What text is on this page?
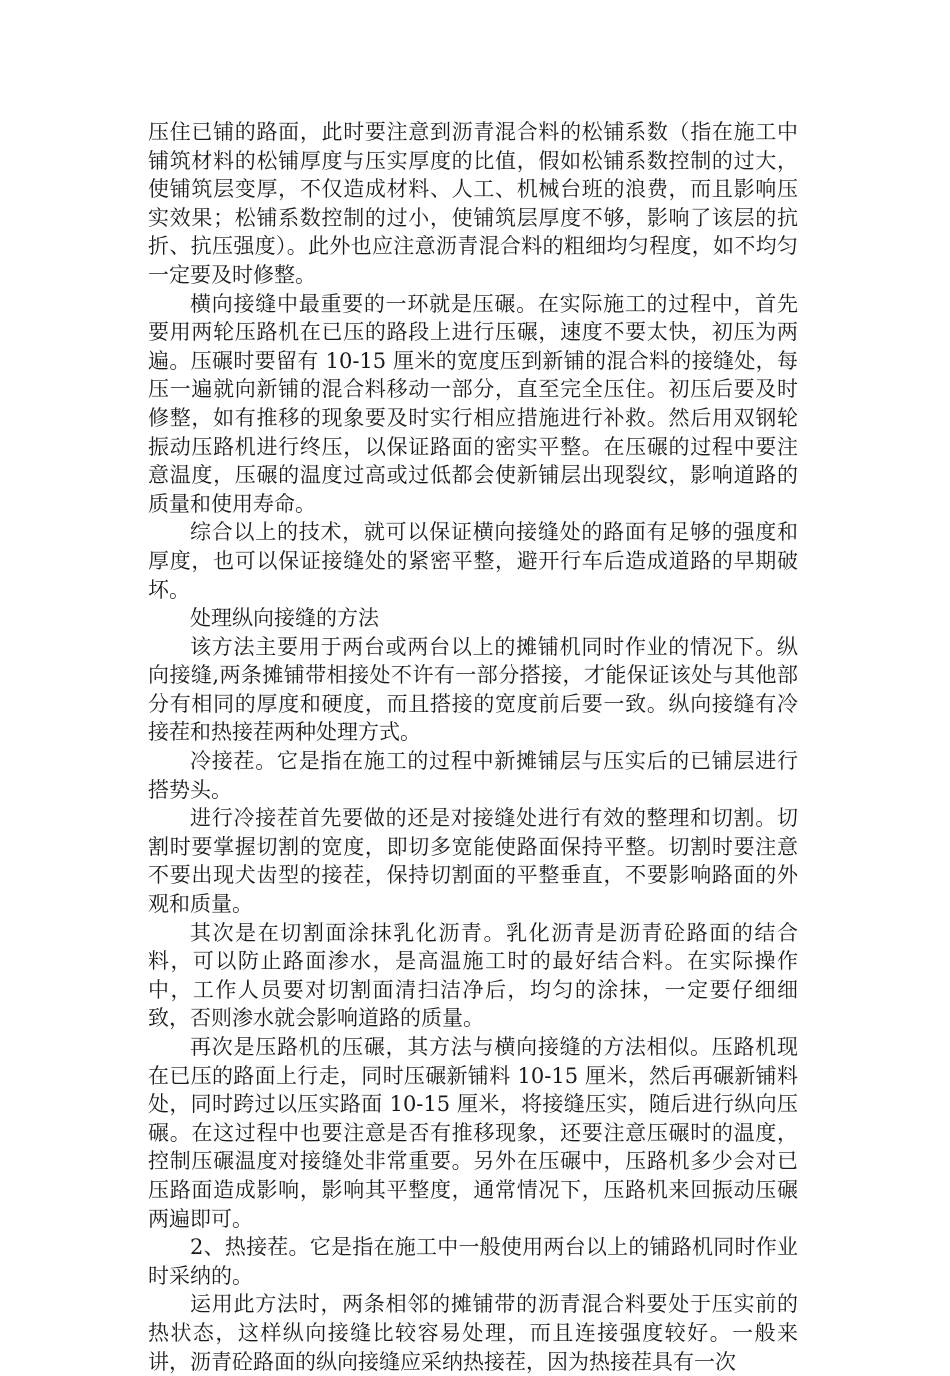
压住已铺的路面，此时要注意到沥青混合料的松铺系数（指在施工中铺筑材料的松铺厚度与压实厚度的比值，假如松铺系数控制的过大，使铺筑层变厚，不仅造成材料、人工、机械台班的浪费，而且影响压实效果；松铺系数控制的过小，使铺筑层厚度不够，影响了该层的抗折、抗压强度）。此外也应注意沥青混合料的粗细均匀程度，如不均匀一定要及时修整。

横向接缝中最重要的一环就是压碾。在实际施工的过程中，首先要用两轮压路机在已压的路段上进行压碾，速度不要太快，初压为两遍。压碾时要留有 10-15 厘米的宽度压到新铺的混合料的接缝处，每压一遍就向新铺的混合料移动一部分，直至完全压住。初压后要及时修整，如有推移的现象要及时实行相应措施进行补救。然后用双钢轮振动压路机进行终压，以保证路面的密实平整。在压碾的过程中要注意温度，压碾的温度过高或过低都会使新铺层出现裂纹，影响道路的质量和使用寿命。

综合以上的技术，就可以保证横向接缝处的路面有足够的强度和厚度，也可以保证接缝处的紧密平整，避开行车后造成道路的早期破坏。

处理纵向接缝的方法

该方法主要用于两台或两台以上的摊铺机同时作业的情况下。纵向接缝,两条摊铺带相接处不许有一部分搭接，才能保证该处与其他部分有相同的厚度和硬度，而且搭接的宽度前后要一致。纵向接缝有冷接茬和热接茬两种处理方式。

冷接茬。它是指在施工的过程中新摊铺层与压实后的已铺层进行搭势头。

进行冷接茬首先要做的还是对接缝处进行有效的整理和切割。切割时要掌握切割的宽度，即切多宽能使路面保持平整。切割时要注意不要出现犬齿型的接茬，保持切割面的平整垂直，不要影响路面的外观和质量。

其次是在切割面涂抹乳化沥青。乳化沥青是沥青砼路面的结合料，可以防止路面渗水，是高温施工时的最好结合料。在实际操作中，工作人员要对切割面清扫洁净后，均匀的涂抹，一定要仔细细致，否则渗水就会影响道路的质量。

再次是压路机的压碾，其方法与横向接缝的方法相似。压路机现在已压的路面上行走，同时压碾新铺料 10-15 厘米，然后再碾新铺料处，同时跨过以压实路面 10-15 厘米，将接缝压实，随后进行纵向压碾。在这过程中也要注意是否有推移现象，还要注意压碾时的温度，控制压碾温度对接缝处非常重要。另外在压碾中，压路机多少会对已压路面造成影响，影响其平整度，通常情况下，压路机来回振动压碾两遍即可。

2、热接茬。它是指在施工中一般使用两台以上的铺路机同时作业时采纳的。

运用此方法时，两条相邻的摊铺带的沥青混合料要处于压实前的热状态，这样纵向接缝比较容易处理，而且连接强度较好。一般来讲，沥青砼路面的纵向接缝应采纳热接茬，因为热接茬具有一次
